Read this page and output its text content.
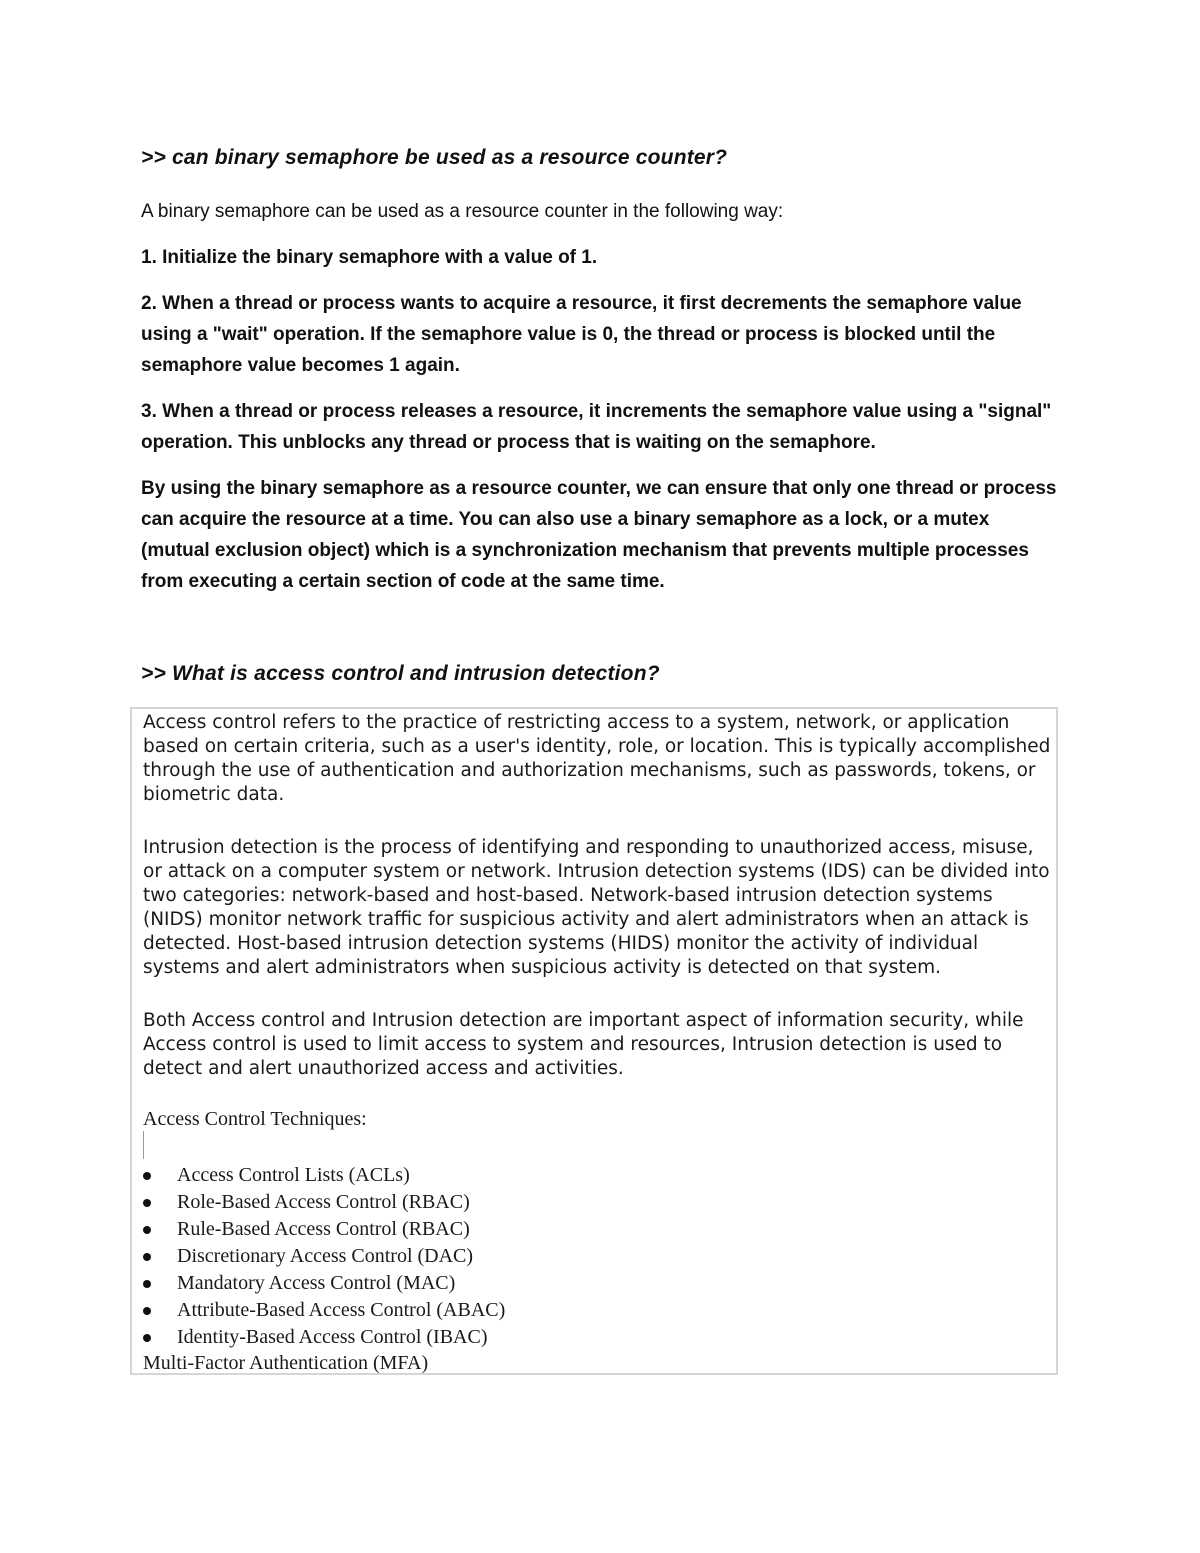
>> can binary semaphore be used as a resource counter?

A binary semaphore can be used as a resource counter in the following way:

1. Initialize the binary semaphore with a value of 1.

2. When a thread or process wants to acquire a resource, it first decrements the semaphore value using a "wait" operation. If the semaphore value is 0, the thread or process is blocked until the semaphore value becomes 1 again.

3. When a thread or process releases a resource, it increments the semaphore value using a "signal" operation. This unblocks any thread or process that is waiting on the semaphore.

By using the binary semaphore as a resource counter, we can ensure that only one thread or process can acquire the resource at a time. You can also use a binary semaphore as a lock, or a mutex (mutual exclusion object) which is a synchronization mechanism that prevents multiple processes from executing a certain section of code at the same time.

>> What is access control and intrusion detection?

Access control refers to the practice of restricting access to a system, network, or application based on certain criteria, such as a user's identity, role, or location. This is typically accomplished through the use of authentication and authorization mechanisms, such as passwords, tokens, or biometric data.

Intrusion detection is the process of identifying and responding to unauthorized access, misuse, or attack on a computer system or network. Intrusion detection systems (IDS) can be divided into two categories: network-based and host-based. Network-based intrusion detection systems (NIDS) monitor network traffic for suspicious activity and alert administrators when an attack is detected. Host-based intrusion detection systems (HIDS) monitor the activity of individual systems and alert administrators when suspicious activity is detected on that system.

Both Access control and Intrusion detection are important aspect of information security, while Access control is used to limit access to system and resources, Intrusion detection is used to detect and alert unauthorized access and activities.

Access Control Techniques:
Access Control Lists (ACLs)
Role-Based Access Control (RBAC)
Rule-Based Access Control (RBAC)
Discretionary Access Control (DAC)
Mandatory Access Control (MAC)
Attribute-Based Access Control (ABAC)
Identity-Based Access Control (IBAC)
Multi-Factor Authentication (MFA)
